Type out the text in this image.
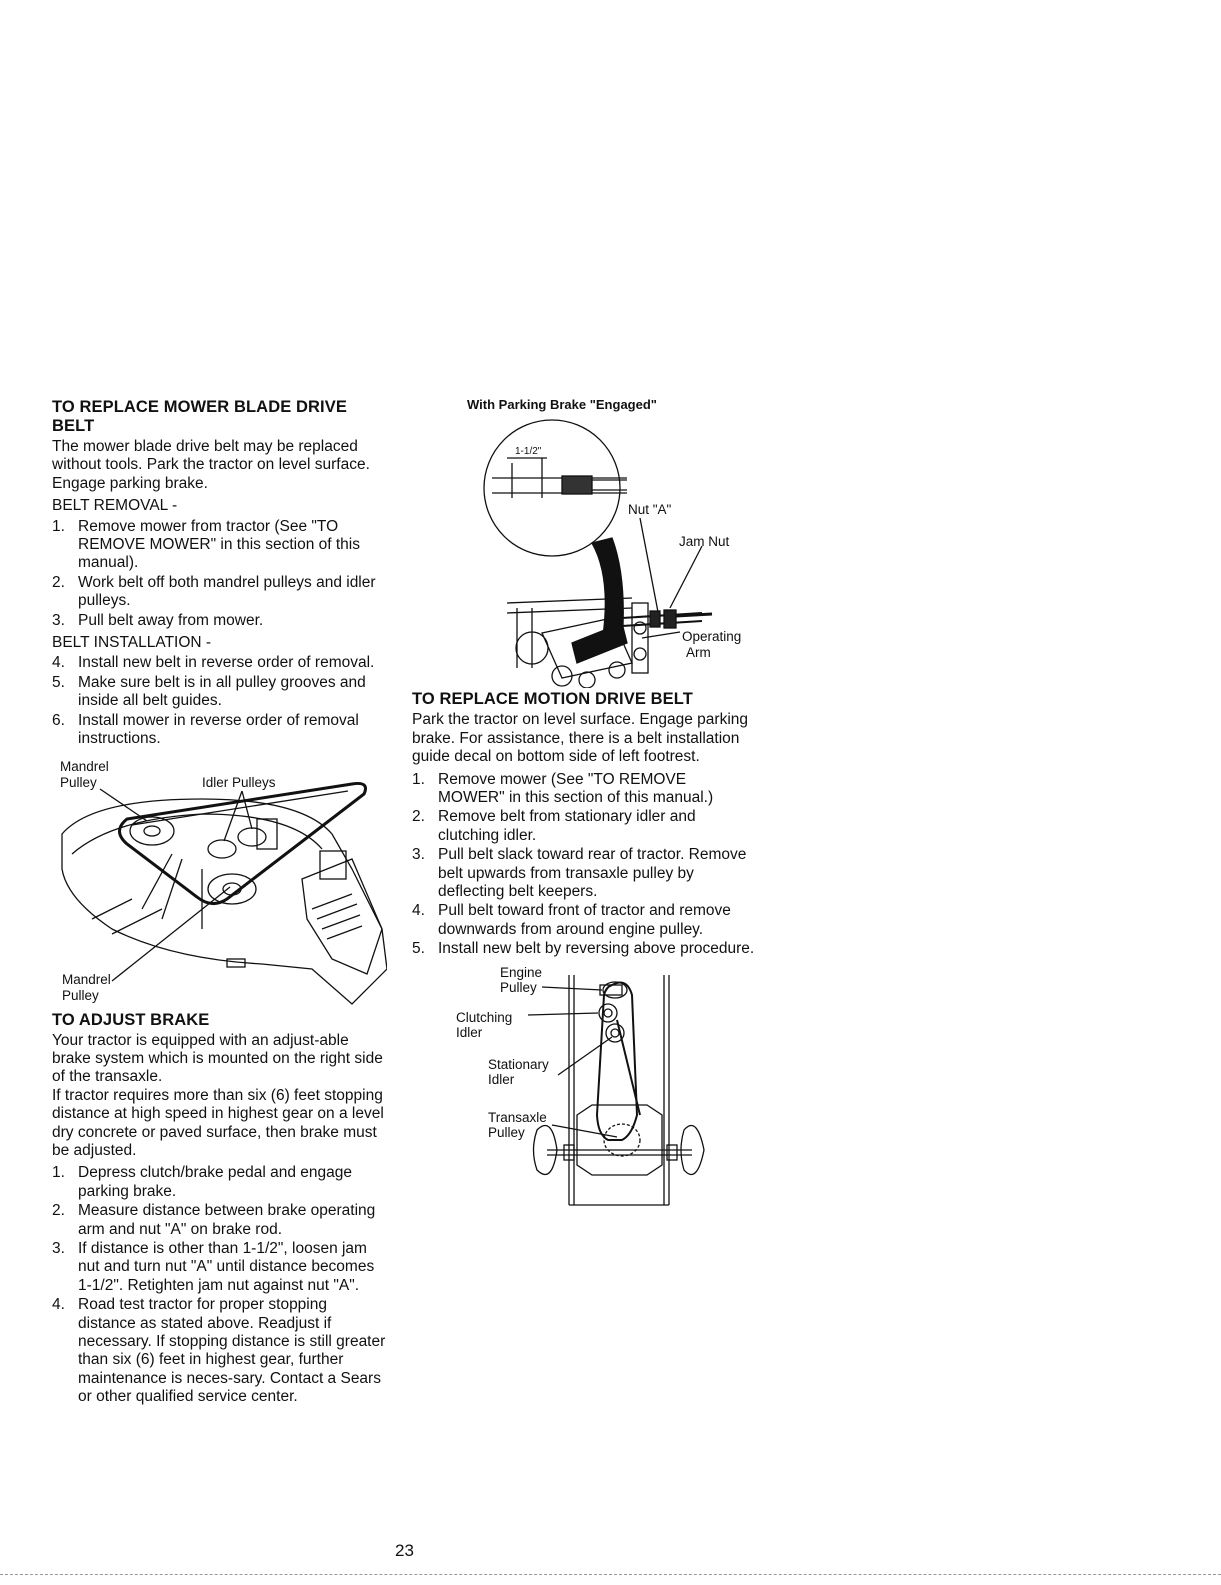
TO REPLACE MOWER BLADE DRIVE BELT

The mower blade drive belt may be replaced without tools. Park the tractor on level surface. Engage parking brake.

BELT REMOVAL -
1. Remove mower from tractor (See "TO REMOVE MOWER" in this section of this manual).
2. Work belt off both mandrel pulleys and idler pulleys.
3. Pull belt away from mower.
BELT INSTALLATION -
4. Install new belt in reverse order of removal.
5. Make sure belt is in all pulley grooves and inside all belt guides.
6. Install mower in reverse order of removal instructions.
Mandrel
Pulley	Idler Pulleys
Mandrel
Pulley
TO ADJUST BRAKE

Your tractor is equipped with an adjust-able brake system which is mounted on the right side of the transaxle.

If tractor requires more than six (6) feet stopping distance at high speed in highest gear on a level dry concrete or paved surface, then brake must be adjusted.

1. Depress clutch/brake pedal and engage parking brake.
2. Measure distance between brake operating arm and nut "A" on brake rod.
3. If distance is other than 1-1/2", loosen jam nut and turn nut "A" until distance becomes 1-1/2". Retighten jam nut against nut "A".
4. Road test tractor for proper stopping distance as stated above. Readjust if necessary. If stopping distance is still greater than six (6) feet in highest gear, further maintenance is neces-sary. Contact a Sears or other qualified service center.
With Parking Brake "Engaged"
1-1/2"
Nut "A"
Jam Nut
Operating
Arm
TO REPLACE MOTION DRIVE BELT

Park the tractor on level surface. Engage parking brake. For assistance, there is a belt installation guide decal on bottom side of left footrest.

1. Remove mower (See "TO REMOVE MOWER" in this section of this manual.)
2. Remove belt from stationary idler and clutching idler.
3. Pull belt slack toward rear of tractor. Remove belt upwards from transaxle pulley by deflecting belt keepers.
4. Pull belt toward front of tractor and remove downwards from around engine pulley.
5. Install new belt by reversing above procedure.
Engine
Pulley
Clutching
Idler
Stationary
Idler
Transaxle
Pulley
23
